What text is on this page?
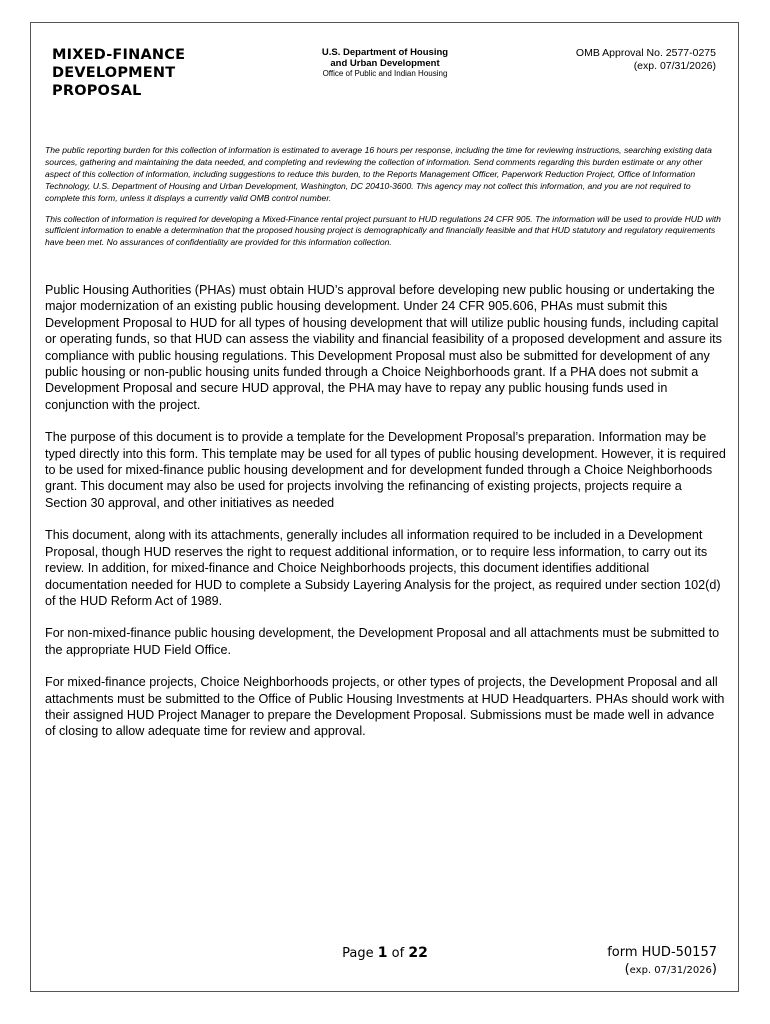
MIXED-FINANCE
DEVELOPMENT
PROPOSAL
U.S. Department of Housing
and Urban Development
Office of Public and Indian Housing
OMB Approval No. 2577-0275
(exp. 07/31/2026)

The public reporting burden for this collection of information is estimated to average 16 hours per response, including the time for reviewing instructions, searching existing data sources, gathering and maintaining the data needed, and completing and reviewing the collection of information. Send comments regarding this burden estimate or any other aspect of this collection of information, including suggestions to reduce this burden, to the Reports Management Officer, Paperwork Reduction Project, Office of Information Technology, U.S. Department of Housing and Urban Development, Washington, DC 20410-3600. This agency may not collect this information, and you are not required to complete this form, unless it displays a currently valid OMB control number.

This collection of information is required for developing a Mixed-Finance rental project pursuant to HUD regulations 24 CFR 905. The information will be used to provide HUD with sufficient information to enable a determination that the proposed housing project is demographically and financially feasible and that HUD statutory and regulatory requirements have been met. No assurances of confidentiality are provided for this information collection.

Public Housing Authorities (PHAs) must obtain HUD’s approval before developing new public housing or undertaking the major modernization of an existing public housing development. Under 24 CFR 905.606, PHAs must submit this Development Proposal to HUD for all types of housing development that will utilize public housing funds, including capital or operating funds, so that HUD can assess the viability and financial feasibility of a proposed development and assure its compliance with public housing regulations. This Development Proposal must also be submitted for development of any public housing or non-public housing units funded through a Choice Neighborhoods grant. If a PHA does not submit a Development Proposal and secure HUD approval, the PHA may have to repay any public housing funds used in conjunction with the project.

The purpose of this document is to provide a template for the Development Proposal’s preparation. Information may be typed directly into this form. This template may be used for all types of public housing development. However, it is required to be used for mixed-finance public housing development and for development funded through a Choice Neighborhoods grant. This document may also be used for projects involving the refinancing of existing projects, projects require a Section 30 approval, and other initiatives as needed

This document, along with its attachments, generally includes all information required to be included in a Development Proposal, though HUD reserves the right to request additional information, or to require less information, to carry out its review. In addition, for mixed-finance and Choice Neighborhoods projects, this document identifies additional documentation needed for HUD to complete a Subsidy Layering Analysis for the project, as required under section 102(d) of the HUD Reform Act of 1989.

For non-mixed-finance public housing development, the Development Proposal and all attachments must be submitted to the appropriate HUD Field Office.

For mixed-finance projects, Choice Neighborhoods projects, or other types of projects, the Development Proposal and all attachments must be submitted to the Office of Public Housing Investments at HUD Headquarters. PHAs should work with their assigned HUD Project Manager to prepare the Development Proposal. Submissions must be made well in advance of closing to allow adequate time for review and approval.

Page 1 of 22	form HUD-50157
(exp. 07/31/2026)
